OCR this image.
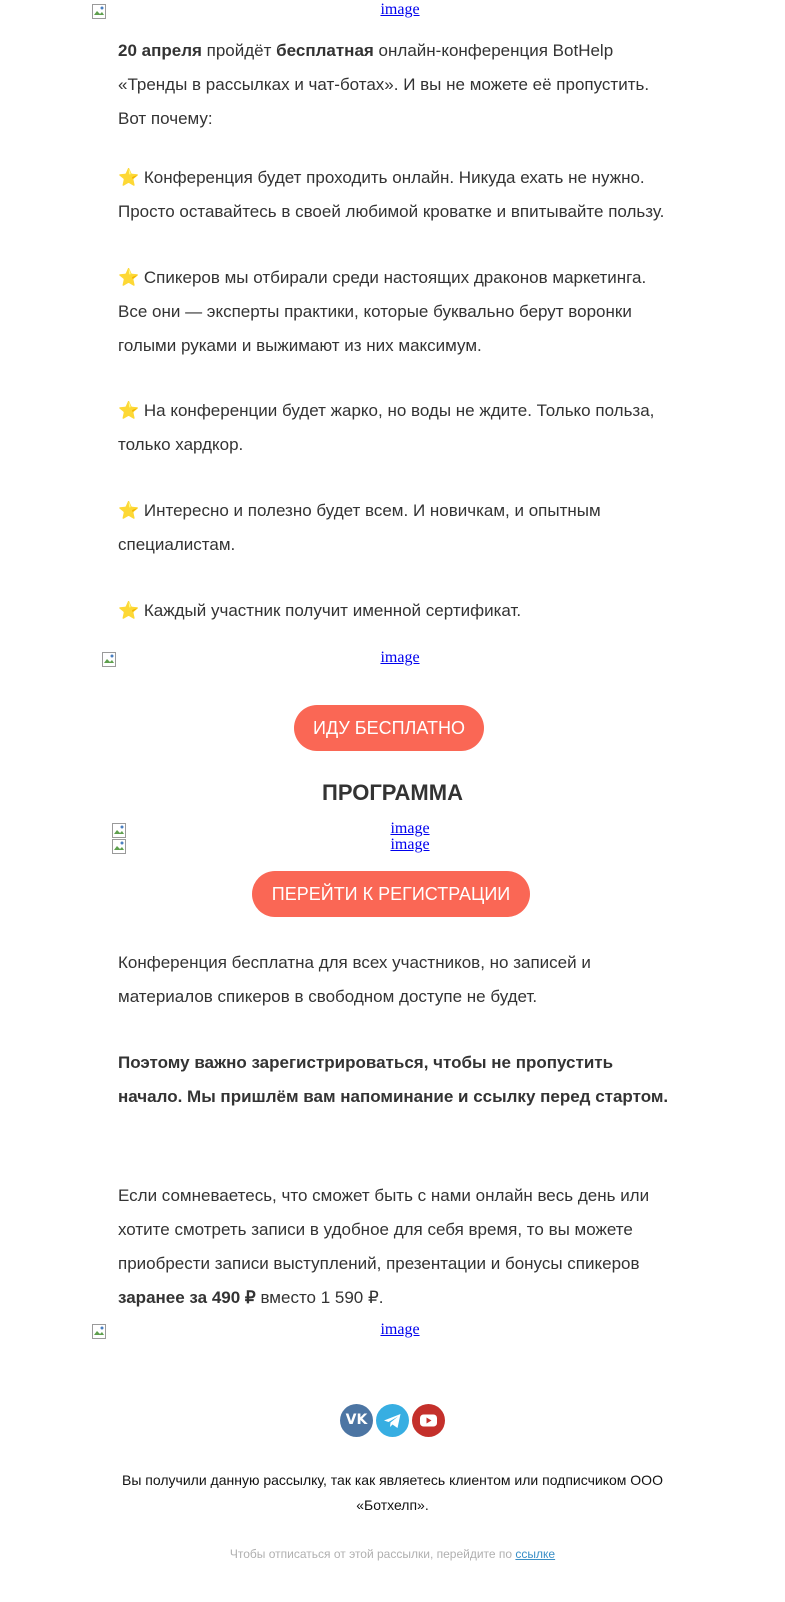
image
20 апреля пройдёт бесплатная онлайн-конференция BotHelp «Тренды в рассылках и чат-ботах». И вы не можете её пропустить. Вот почему:
⭐ Конференция будет проходить онлайн. Никуда ехать не нужно. Просто оставайтесь в своей любимой кроватке и впитывайте пользу.
⭐ Спикеров мы отбирали среди настоящих драконов маркетинга. Все они — эксперты практики, которые буквально берут воронки голыми руками и выжимают из них максимум.
⭐ На конференции будет жарко, но воды не ждите. Только польза, только хардкор.
⭐ Интересно и полезно будет всем. И новичкам, и опытным специалистам.
⭐ Каждый участник получит именной сертификат.
image
ИДУ БЕСПЛАТНО
ПРОГРАММА
image
image
ПЕРЕЙТИ К РЕГИСТРАЦИИ
Конференция бесплатна для всех участников, но записей и материалов спикеров в свободном доступе не будет.
Поэтому важно зарегистрироваться, чтобы не пропустить начало. Мы пришлём вам напоминание и ссылку перед стартом.
Если сомневаетесь, что сможет быть с нами онлайн весь день или хотите смотреть записи в удобное для себя время, то вы можете приобрести записи выступлений, презентации и бонусы спикеров заранее за 490 ₽ вместо 1 590 ₽.
image
VK
Вы получили данную рассылку, так как являетесь клиентом или подписчиком ООО «Ботхелп».
Чтобы отписаться от этой рассылки, перейдите по ссылке
